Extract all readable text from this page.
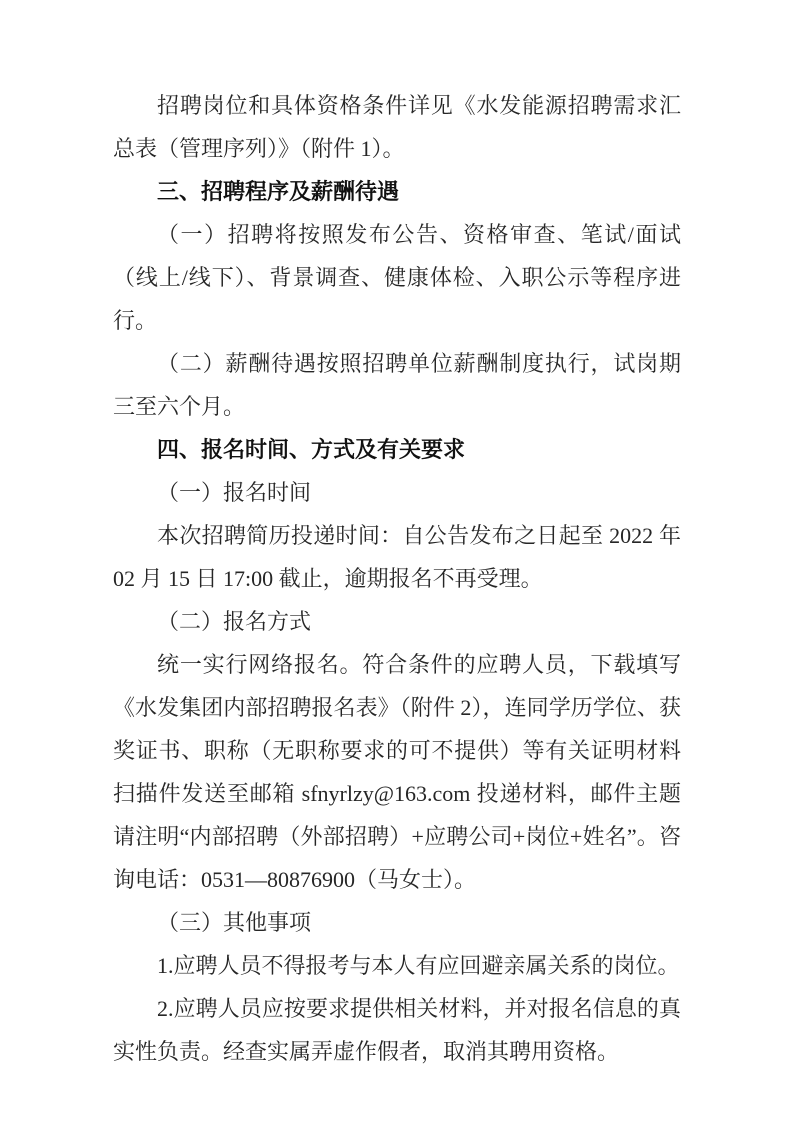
招聘岗位和具体资格条件详见《水发能源招聘需求汇总表（管理序列）》（附件 1）。

三、招聘程序及薪酬待遇

（一）招聘将按照发布公告、资格审查、笔试/面试（线上/线下）、背景调查、健康体检、入职公示等程序进行。

（二）薪酬待遇按照招聘单位薪酬制度执行，试岗期三至六个月。

四、报名时间、方式及有关要求

（一）报名时间

本次招聘简历投递时间：自公告发布之日起至 2022 年 02 月 15 日 17:00 截止，逾期报名不再受理。

（二）报名方式

统一实行网络报名。符合条件的应聘人员，下载填写《水发集团内部招聘报名表》（附件 2），连同学历学位、获奖证书、职称（无职称要求的可不提供）等有关证明材料扫描件发送至邮箱 sfnyrlzy@163.com 投递材料，邮件主题请注明“内部招聘（外部招聘）+应聘公司+岗位+姓名”。咨询电话：0531—80876900（马女士）。

（三）其他事项

1.应聘人员不得报考与本人有应回避亲属关系的岗位。

2.应聘人员应按要求提供相关材料，并对报名信息的真实性负责。经查实属弄虚作假者，取消其聘用资格。
